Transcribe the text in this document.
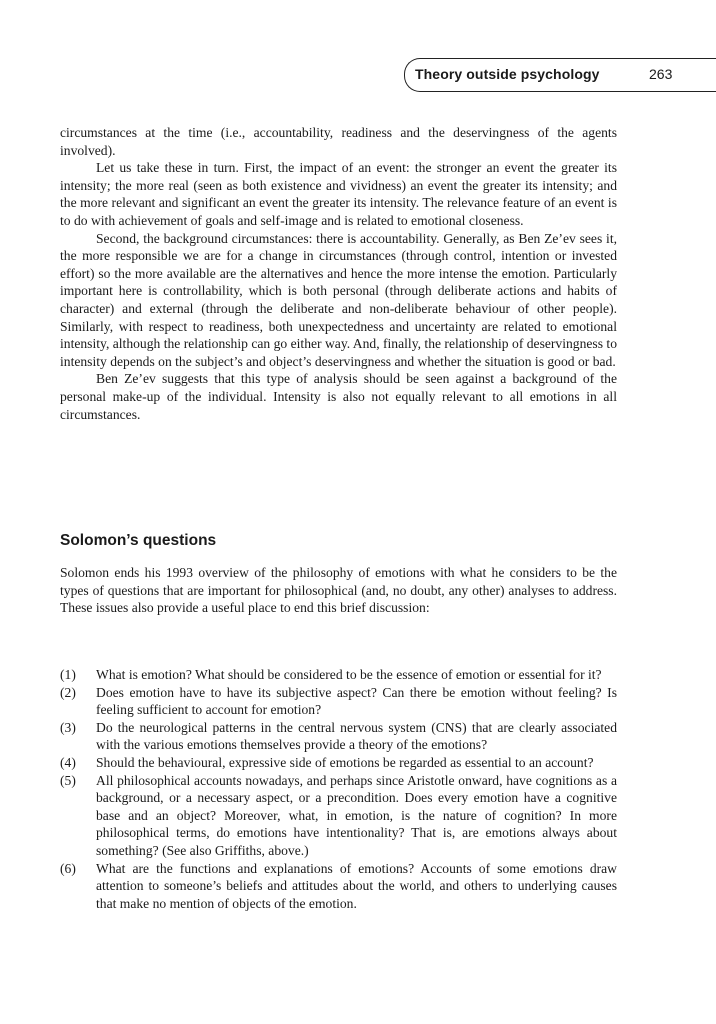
Theory outside psychology	263

circumstances at the time (i.e., accountability, readiness and the deservingness of the agents involved).

Let us take these in turn. First, the impact of an event: the stronger an event the greater its intensity; the more real (seen as both existence and vividness) an event the greater its intensity; and the more relevant and significant an event the greater its intensity. The relevance feature of an event is to do with achievement of goals and self-image and is related to emotional closeness.

Second, the background circumstances: there is accountability. Generally, as Ben Ze’ev sees it, the more responsible we are for a change in circumstances (through control, intention or invested effort) so the more available are the alternatives and hence the more intense the emotion. Particularly important here is controllability, which is both personal (through deliberate actions and habits of character) and external (through the deliberate and non-deliberate behaviour of other people). Similarly, with respect to readiness, both unexpectedness and uncertainty are related to emotional intensity, although the relationship can go either way. And, finally, the relationship of deservingness to intensity depends on the subject’s and object’s deservingness and whether the situation is good or bad.

Ben Ze’ev suggests that this type of analysis should be seen against a background of the personal make-up of the individual. Intensity is also not equally relevant to all emotions in all circumstances.

Solomon’s questions

Solomon ends his 1993 overview of the philosophy of emotions with what he considers to be the types of questions that are important for philosophical (and, no doubt, any other) analyses to address. These issues also provide a useful place to end this brief discussion:

(1) What is emotion? What should be considered to be the essence of emotion or essential for it?
(2) Does emotion have to have its subjective aspect? Can there be emotion without feeling? Is feeling sufficient to account for emotion?
(3) Do the neurological patterns in the central nervous system (CNS) that are clearly associated with the various emotions themselves provide a theory of the emotions?
(4) Should the behavioural, expressive side of emotions be regarded as essential to an account?
(5) All philosophical accounts nowadays, and perhaps since Aristotle onward, have cognitions as a background, or a necessary aspect, or a precondition. Does every emotion have a cognitive base and an object? Moreover, what, in emotion, is the nature of cognition? In more philosophical terms, do emotions have intentionality? That is, are emotions always about something? (See also Griffiths, above.)
(6) What are the functions and explanations of emotions? Accounts of some emotions draw attention to someone’s beliefs and attitudes about the world, and others to underlying causes that make no mention of objects of the emotion.
